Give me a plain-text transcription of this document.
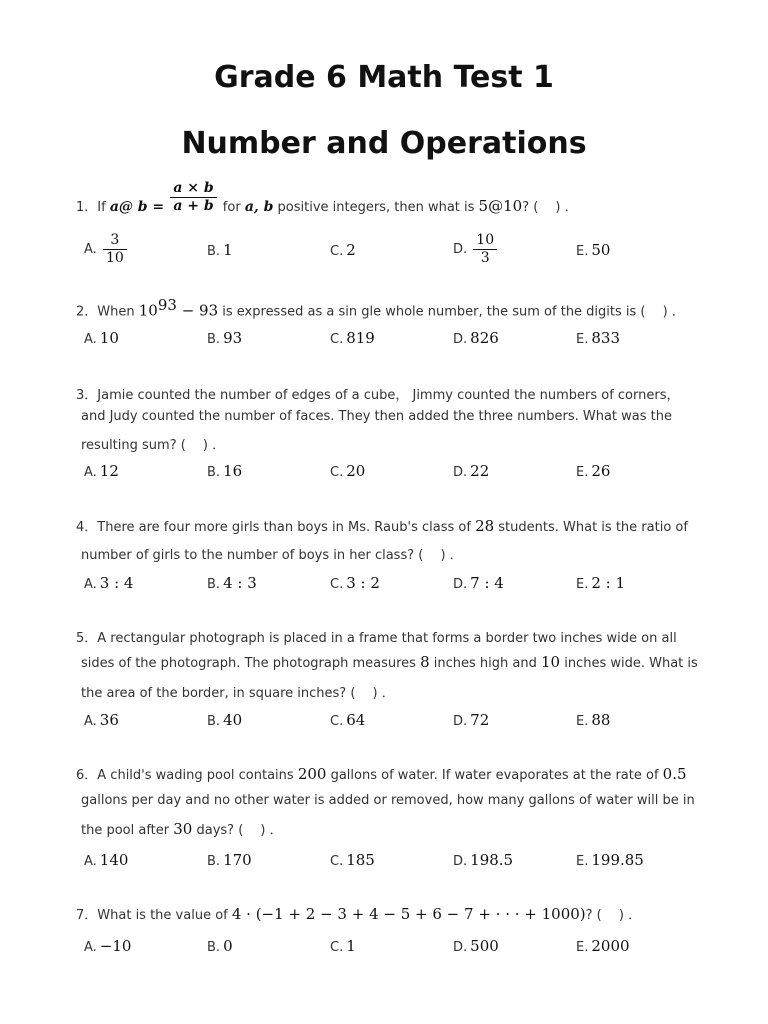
Grade 6 Math Test 1
Number and Operations
1．If a@ $b = \frac{a \times b}{a + b}$ for a, b positive integers, then what is 5@10? (　 ) ．
A. $\frac{3}{10}$	B. 1	C. 2	D. $\frac{10}{3}$	E. 50
2．When $10^{93} - 93$ is expressed as a sin gle whole number, the sum of the digits is (　 ) ．
A. 10	B. 93	C. 819	D. 826	E. 833
3．Jamie counted the number of edges of a cube， Jimmy counted the numbers of corners，
and Judy counted the number of faces. They then added the three numbers. What was the
resulting sum? (　 ) ．
A. 12	B. 16	C. 20	D. 22	E. 26
4．There are four more girls than boys in Ms. Raub's class of 28 students. What is the ratio of
number of girls to the number of boys in her class? (　 ) ．
A. 3 : 4	B. 4 : 3	C. 3 : 2	D. 7 : 4	E. 2 : 1
5．A rectangular photograph is placed in a frame that forms a border two inches wide on all
sides of the photograph. The photograph measures 8 inches high and 10 inches wide. What is
the area of the border, in square inches? (　 ) ．
A. 36	B. 40	C. 64	D. 72	E. 88
6．A child's wading pool contains 200 gallons of water. If water evaporates at the rate of 0.5
gallons per day and no other water is added or removed, how many gallons of water will be in
the pool after 30 days? (　 ) ．
A. 140	B. 170	C. 185	D. 198.5	E. 199.85
7．What is the value of 4 · (−1 + 2 − 3 + 4 − 5 + 6 − 7 + · · · + 1000)? (　 ) ．
A. −10	B. 0	C. 1	D. 500	E. 2000
